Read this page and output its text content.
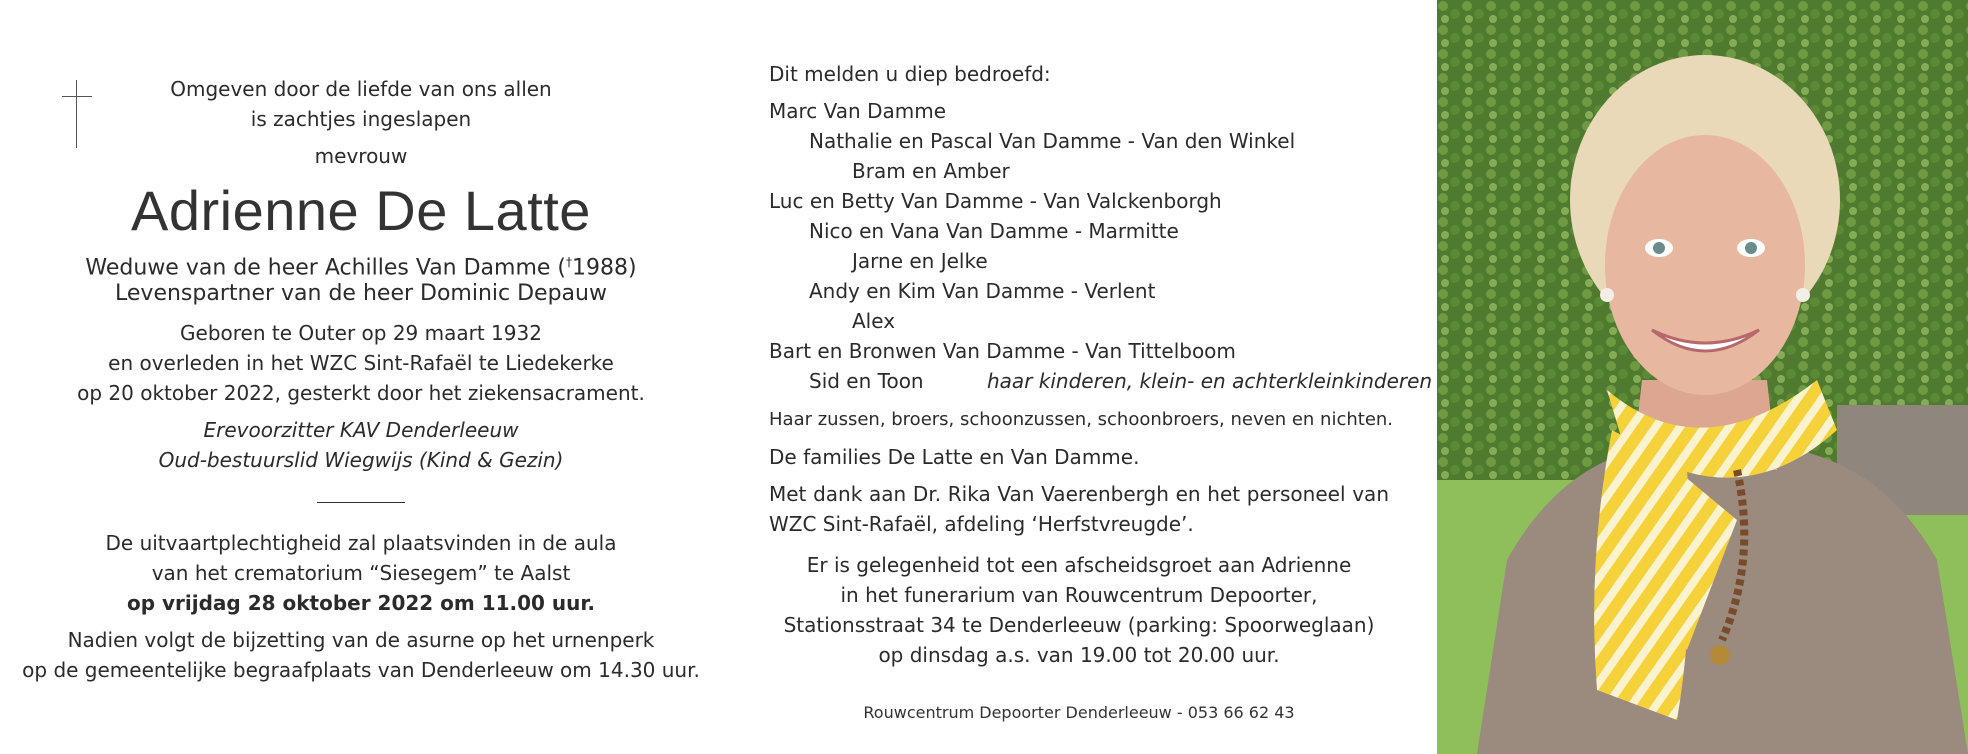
Omgeven door de liefde van ons allen
is zachtjes ingeslapen
mevrouw
Adrienne De Latte
Weduwe van de heer Achilles Van Damme (†1988)
Levenspartner van de heer Dominic Depauw
Geboren te Outer op 29 maart 1932
en overleden in het WZC Sint-Rafaël te Liedekerke
op 20 oktober 2022, gesterkt door het ziekensacrament.
Erevoorzitter KAV Denderleeuw
Oud-bestuurslid Wiegwijs (Kind & Gezin)
De uitvaartplechtigheid zal plaatsvinden in de aula
van het crematorium “Siesegem” te Aalst
op vrijdag 28 oktober 2022 om 11.00 uur.
Nadien volgt de bijzetting van de asurne op het urnenperk
op de gemeentelijke begraafplaats van Denderleeuw om 14.30 uur.
Dit melden u diep bedroefd:
Marc Van Damme
Nathalie en Pascal Van Damme - Van den Winkel
Bram en Amber
Luc en Betty Van Damme - Van Valckenborgh
Nico en Vana Van Damme - Marmitte
Jarne en Jelke
Andy en Kim Van Damme - Verlent
Alex
Bart en Bronwen Van Damme - Van Tittelboom
Sid en Toon	haar kinderen, klein- en achterkleinkinderen
Haar zussen, broers, schoonzussen, schoonbroers, neven en nichten.
De families De Latte en Van Damme.
Met dank aan Dr. Rika Van Vaerenbergh en het personeel van
WZC Sint-Rafaël, afdeling ‘Herfstvreugde’.
Er is gelegenheid tot een afscheidsgroet aan Adrienne
in het funerarium van Rouwcentrum Depoorter,
Stationsstraat 34 te Denderleeuw (parking: Spoorweglaan)
op dinsdag a.s. van 19.00 tot 20.00 uur.
Rouwcentrum Depoorter Denderleeuw - 053 66 62 43
